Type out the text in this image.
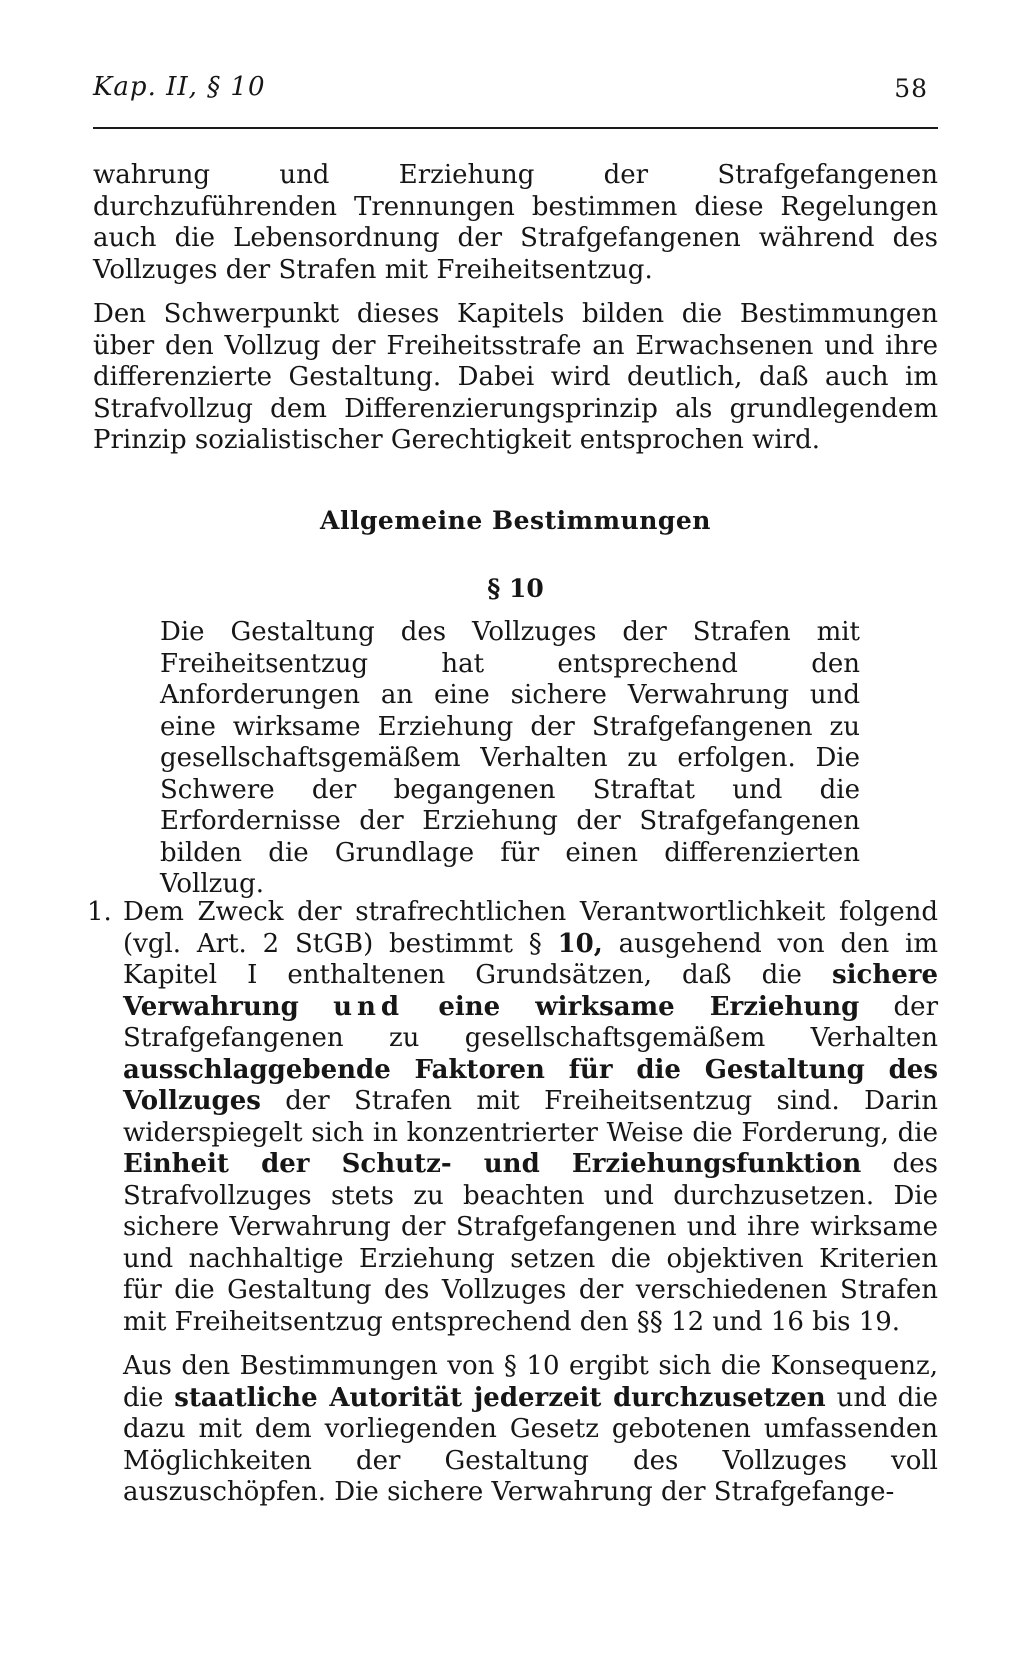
Kap. II, § 10	58

wahrung und Erziehung der Strafgefangenen durchzuführenden Trennungen bestimmen diese Regelungen auch die Lebensordnung der Strafgefangenen während des Vollzuges der Strafen mit Freiheitsentzug.

Den Schwerpunkt dieses Kapitels bilden die Bestimmungen über den Vollzug der Freiheitsstrafe an Erwachsenen und ihre differenzierte Gestaltung. Dabei wird deutlich, daß auch im Strafvollzug dem Differenzierungsprinzip als grundlegendem Prinzip sozialistischer Gerechtigkeit entsprochen wird.

Allgemeine Bestimmungen
§ 10

Die Gestaltung des Vollzuges der Strafen mit Freiheitsentzug hat entsprechend den Anforderungen an eine sichere Verwahrung und eine wirksame Erziehung der Strafgefangenen zu gesellschaftsgemäßem Verhalten zu erfolgen. Die Schwere der begangenen Straftat und die Erfordernisse der Erziehung der Strafgefangenen bilden die Grundlage für einen differenzierten Vollzug.

1. Dem Zweck der strafrechtlichen Verantwortlichkeit folgend (vgl. Art. 2 StGB) bestimmt § 10, ausgehend von den im Kapitel I enthaltenen Grundsätzen, daß die sichere Verwahrung und eine wirksame Erziehung der Strafgefangenen zu gesellschaftsgemäßem Verhalten ausschlaggebende Faktoren für die Gestaltung des Vollzuges der Strafen mit Freiheitsentzug sind. Darin widerspiegelt sich in konzentrierter Weise die Forderung, die Einheit der Schutz- und Erziehungsfunktion des Strafvollzuges stets zu beachten und durchzusetzen. Die sichere Verwahrung der Strafgefangenen und ihre wirksame und nachhaltige Erziehung setzen die objektiven Kriterien für die Gestaltung des Vollzuges der verschiedenen Strafen mit Freiheitsentzug entsprechend den §§ 12 und 16 bis 19.

Aus den Bestimmungen von § 10 ergibt sich die Konsequenz, die staatliche Autorität jederzeit durchzusetzen und die dazu mit dem vorliegenden Gesetz gebotenen umfassenden Möglichkeiten der Gestaltung des Vollzuges voll auszuschöpfen. Die sichere Verwahrung der Strafgefange-
